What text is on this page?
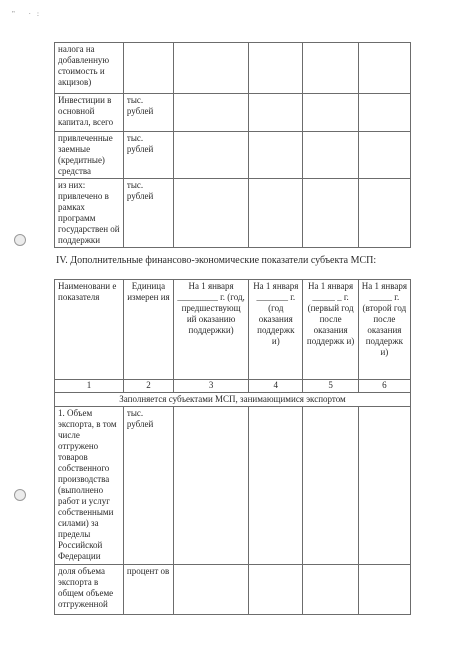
" ·:
налога на добавленную стоимость и акцизов)					
Инвестиции в основной капитал, всего	тыс. рублей				
привлеченные заемные (кредитные) средства	тыс. рублей				
из них: привлечено в рамках программ государствен ой поддержки	тыс. рублей				
IV. Дополнительные финансово-экономические показатели субъекта МСП:
Наименовани е показателя	Единица измерен ия	На 1 января _________ г. (год, предшествующ ий оказанию поддержки)	На 1 января _______ г. (год оказания поддержк и)	На 1 января _____ _ г. (первый год после оказания поддержк и)	На 1 января _____ г. (второй год после оказания поддержк и)
1	2	3	4	5	6
Заполняется субъектами МСП, занимающимися экспортом					
1. Объем экспорта, в том числе отгружено товаров собственного производства (выполнено работ и услуг собственными силами) за пределы Российской Федерации	тыс. рублей				
доля объема экспорта в общем объеме отгруженной	процент ов				
